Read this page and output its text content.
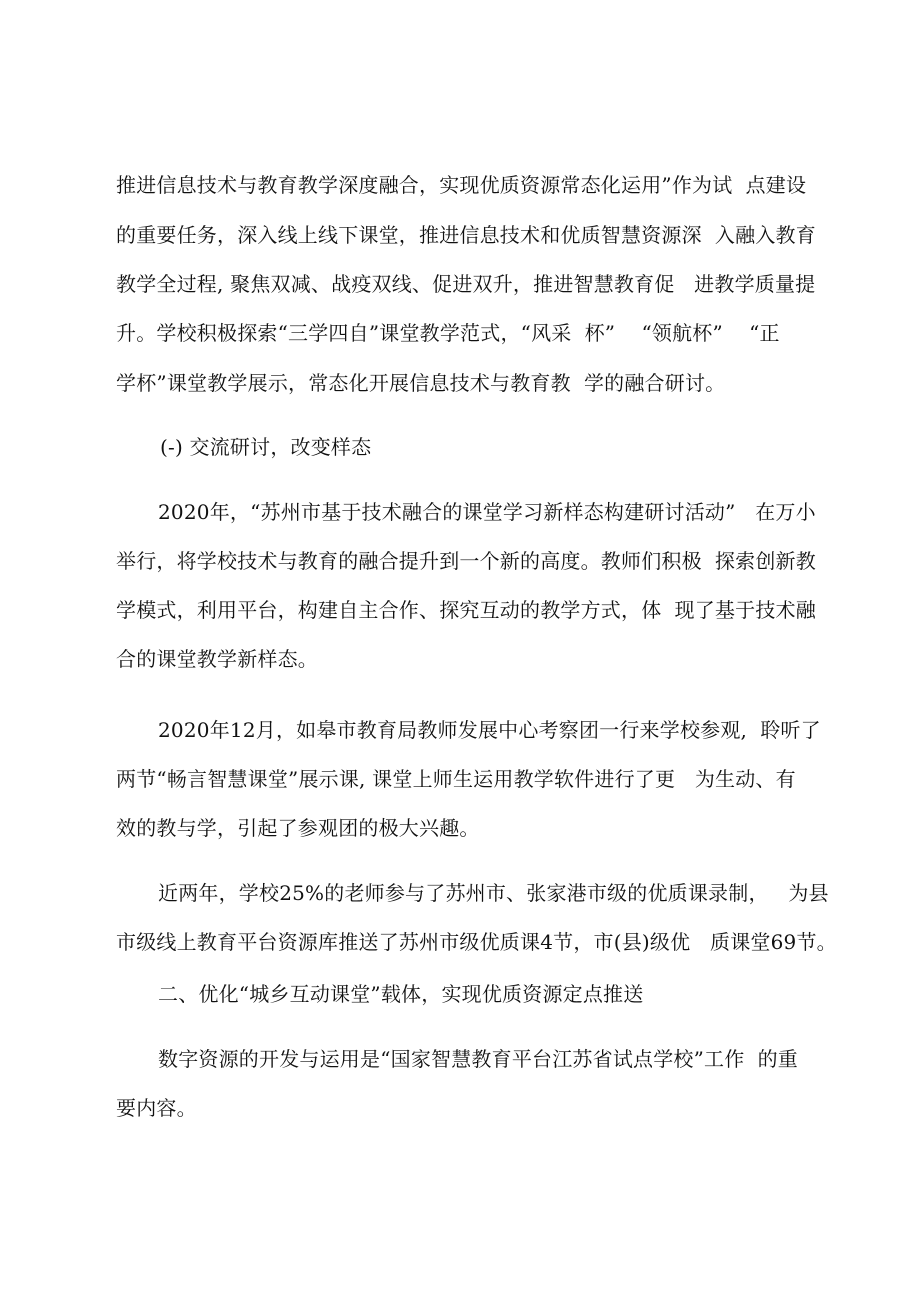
推进信息技术与教育教学深度融合，实现优质资源常态化运用”作为试  点建设
的重要任务，深入线上线下课堂，推进信息技术和优质智慧资源深  入融入教育
教学全过程, 聚焦双减、战疫双线、促进双升，推进智慧教育促   进教学质量提
升。学校积极探索“三学四自”课堂教学范式，“风采  杯”    “领航杯”    “正
学杯”课堂教学展示，常态化开展信息技术与教育教  学的融合研讨。
(-) 交流研讨，改变样态
2020年，“苏州市基于技术融合的课堂学习新样态构建研讨活动”   在万小
举行，将学校技术与教育的融合提升到一个新的高度。教师们积极  探索创新教
学模式，利用平台，构建自主合作、探究互动的教学方式，体  现了基于技术融
合的课堂教学新样态。
2020年12月，如皋市教育局教师发展中心考察团一行来学校参观,  聆听了
两节“畅言智慧课堂”展示课, 课堂上师生运用教学软件进行了更   为生动、有
效的教与学，引起了参观团的极大兴趣。
近两年，学校25%的老师参与了苏州市、张家港市级的优质课录制，   为县
市级线上教育平台资源库推送了苏州市级优质课4节，市(县)级优   质课堂69节。
二、优化“城乡互动课堂”载体，实现优质资源定点推送
数字资源的开发与运用是“国家智慧教育平台江苏省试点学校”工作  的重
要内容。
